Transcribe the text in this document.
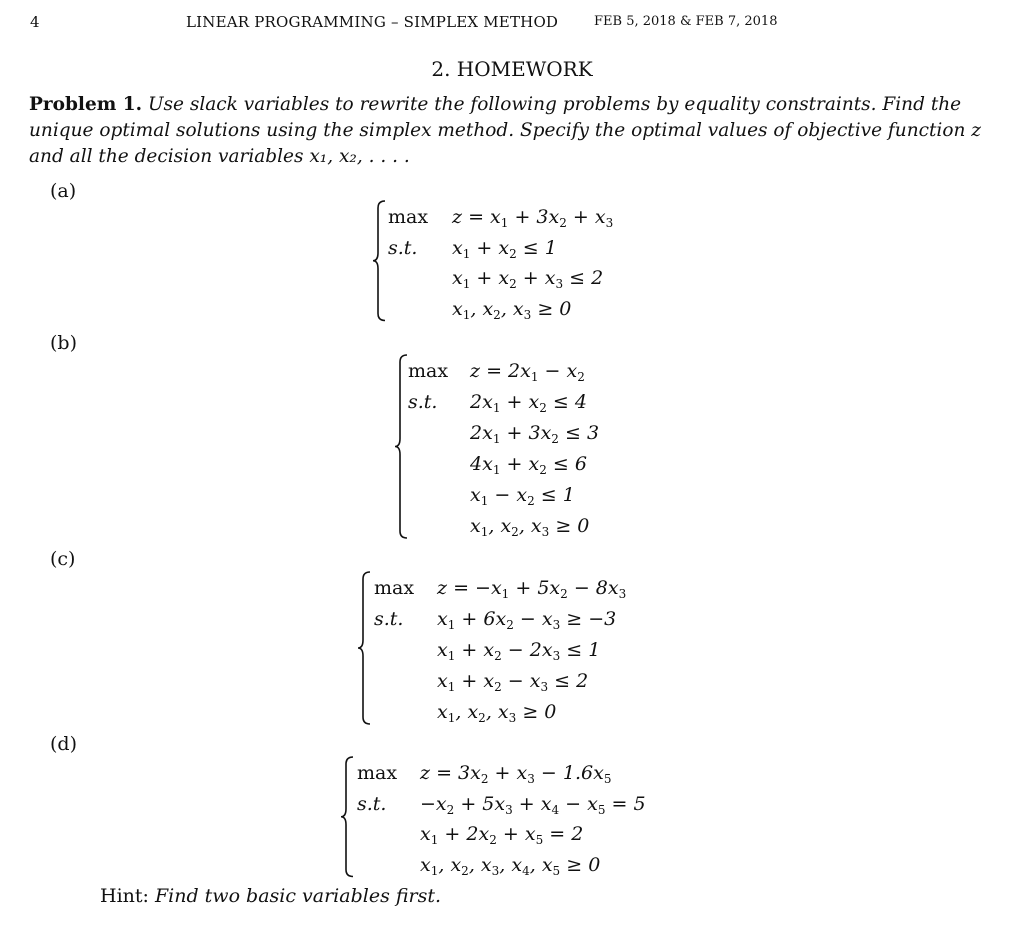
4	LINEAR PROGRAMMING – SIMPLEX METHOD	FEB 5, 2018 & FEB 7, 2018
2. HOMEWORK
Problem 1. Use slack variables to rewrite the following problems by equality constraints. Find the unique optimal solutions using the simplex method. Specify the optimal values of objective function z and all the decision variables x₁, x₂, . . . .
(a)
(b)
(c)
(d)
$\max z = x_1 + 3x_2 + x_3$
s.t. $x_1 + x_2 \le 1$
$x_1 + x_2 + x_3 \le 2$
$x_1$, $x_2$, $x_3 \ge 0$
$\max z = 2x_1 - x_2$
s.t. $2x_1 + x_2 \le 4$
$2x_1 + 3x_2 \le 3$
$4x_1 + x_2 \le 6$
$x_1 - x_2 \le 1$
$x_1$, $x_2$, $x_3 \ge 0$
$\max z = -x_1 + 5x_2 - 8x_3$
s.t. $x_1 + 6x_2 - x_3 \ge -3$
$x_1 + x_2 - 2x_3 \le 1$
$x_1 + x_2 - x_3 \le 2$
$x_1$, $x_2$, $x_3 \ge 0$
$\max z = 3x_2 + x_3 - 1.6x_5$
s.t. $-x_2 + 5x_3 + x_4 - x_5 = 5$
$x_1 + 2x_2 + x_5 = 2$
$x_1$, $x_2$, $x_3$, $x_4$, $x_5 \ge 0$
Hint: Find two basic variables first.
